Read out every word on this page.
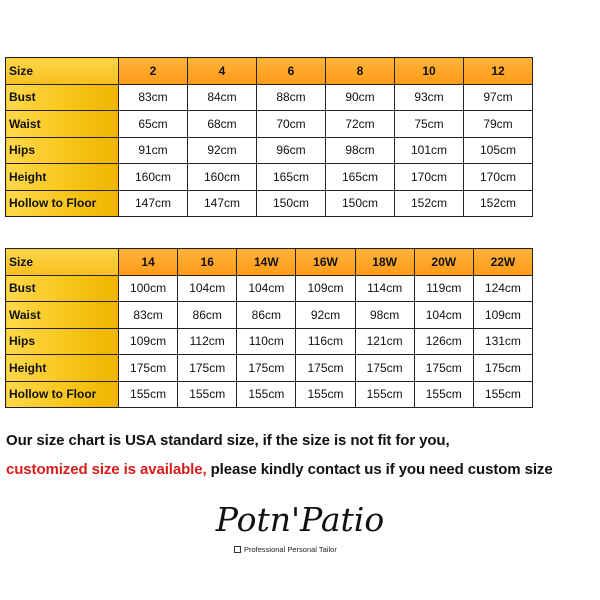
Size	2	4	6	8	10	12
Bust	83cm	84cm	88cm	90cm	93cm	97cm
Waist	65cm	68cm	70cm	72cm	75cm	79cm
Hips	91cm	92cm	96cm	98cm	101cm	105cm
Height	160cm	160cm	165cm	165cm	170cm	170cm
Hollow to Floor	147cm	147cm	150cm	150cm	152cm	152cm
Size	14	16	14W	16W	18W	20W	22W
Bust	100cm	104cm	104cm	109cm	114cm	119cm	124cm
Waist	83cm	86cm	86cm	92cm	98cm	104cm	109cm
Hips	109cm	112cm	110cm	116cm	121cm	126cm	131cm
Height	175cm	175cm	175cm	175cm	175cm	175cm	175cm
Hollow to Floor	155cm	155cm	155cm	155cm	155cm	155cm	155cm
Our size chart is USA standard size, if the size is not fit for you,
customized size is available, please kindly contact us if you need custom size
Potn'Patio
Professional Personal Tailor
